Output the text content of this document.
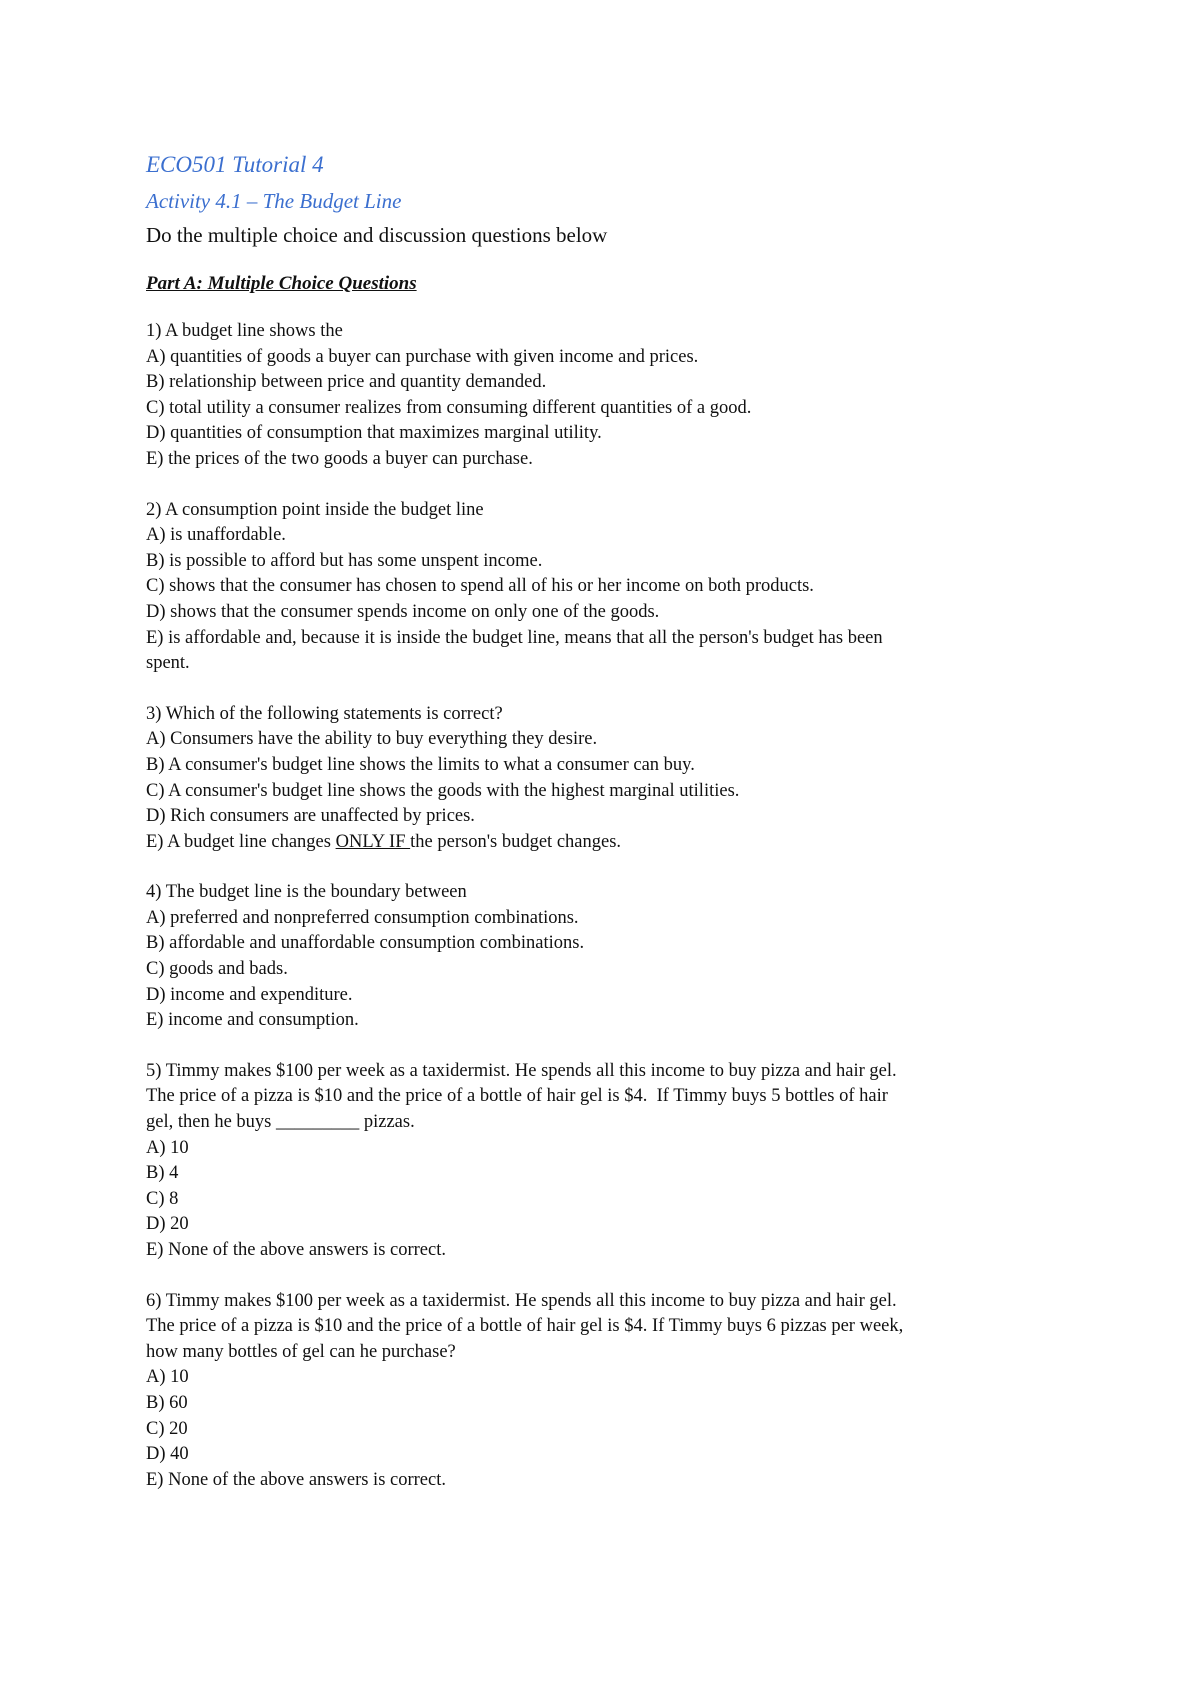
ECO501 Tutorial 4
Activity 4.1 – The Budget Line
Do the multiple choice and discussion questions below
Part A: Multiple Choice Questions
1) A budget line shows the
A) quantities of goods a buyer can purchase with given income and prices.
B) relationship between price and quantity demanded.
C) total utility a consumer realizes from consuming different quantities of a good.
D) quantities of consumption that maximizes marginal utility.
E) the prices of the two goods a buyer can purchase.
2) A consumption point inside the budget line
A) is unaffordable.
B) is possible to afford but has some unspent income.
C) shows that the consumer has chosen to spend all of his or her income on both products.
D) shows that the consumer spends income on only one of the goods.
E) is affordable and, because it is inside the budget line, means that all the person's budget has been
spent.
3) Which of the following statements is correct?
A) Consumers have the ability to buy everything they desire.
B) A consumer's budget line shows the limits to what a consumer can buy.
C) A consumer's budget line shows the goods with the highest marginal utilities.
D) Rich consumers are unaffected by prices.
E) A budget line changes ONLY IF the person's budget changes.
4) The budget line is the boundary between
A) preferred and nonpreferred consumption combinations.
B) affordable and unaffordable consumption combinations.
C) goods and bads.
D) income and expenditure.
E) income and consumption.
5) Timmy makes $100 per week as a taxidermist. He spends all this income to buy pizza and hair gel.
The price of a pizza is $10 and the price of a bottle of hair gel is $4.  If Timmy buys 5 bottles of hair
gel, then he buys _________ pizzas.
A) 10
B) 4
C) 8
D) 20
E) None of the above answers is correct.
6) Timmy makes $100 per week as a taxidermist. He spends all this income to buy pizza and hair gel.
The price of a pizza is $10 and the price of a bottle of hair gel is $4. If Timmy buys 6 pizzas per week,
how many bottles of gel can he purchase?
A) 10
B) 60
C) 20
D) 40
E) None of the above answers is correct.
